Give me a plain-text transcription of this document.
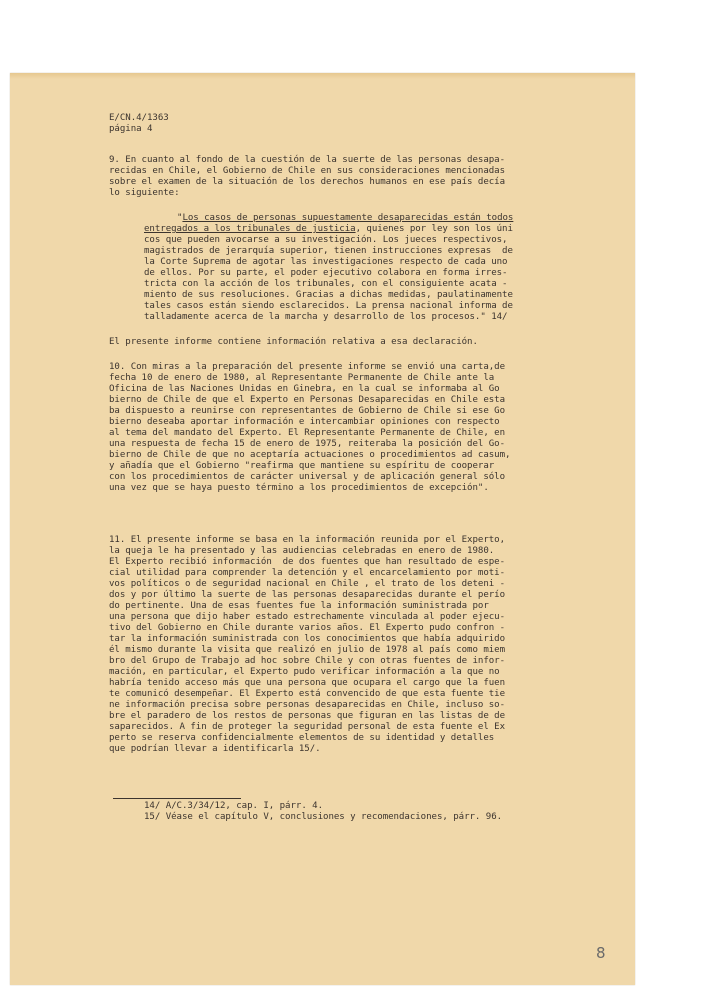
E/CN.4/1363
página 4
9. En cuanto al fondo de la cuestión de la suerte de las personas desapa-
recidas en Chile, el Gobierno de Chile en sus consideraciones mencionadas
sobre el examen de la situación de los derechos humanos en ese país decía
lo siguiente:
"Los casos de personas supuestamente desaparecidas están todos
entregados a los tribunales de justicia, quienes por ley son los úni
cos que pueden avocarse a su investigación. Los jueces respectivos,
magistrados de jerarquía superior, tienen instrucciones expresas  de
la Corte Suprema de agotar las investigaciones respecto de cada uno
de ellos. Por su parte, el poder ejecutivo colabora en forma irres-
tricta con la acción de los tribunales, con el consiguiente acata -
miento de sus resoluciones. Gracias a dichas medidas, paulatinamente
tales casos están siendo esclarecidos. La prensa nacional informa de
talladamente acerca de la marcha y desarrollo de los procesos." 14/
El presente informe contiene información relativa a esa declaración.
10. Con miras a la preparación del presente informe se envió una carta,de
fecha 10 de enero de 1980, al Representante Permanente de Chile ante la
Oficina de las Naciones Unidas en Ginebra, en la cual se informaba al Go
bierno de Chile de que el Experto en Personas Desaparecidas en Chile esta
ba dispuesto a reunirse con representantes de Gobierno de Chile si ese Go
bierno deseaba aportar información e intercambiar opiniones con respecto
al tema del mandato del Experto. El Representante Permanente de Chile, en
una respuesta de fecha 15 de enero de 1975, reiteraba la posición del Go-
bierno de Chile de que no aceptaría actuaciones o procedimientos ad casum,
y añadía que el Gobierno "reafirma que mantiene su espíritu de cooperar
con los procedimientos de carácter universal y de aplicación general sólo
una vez que se haya puesto término a los procedimientos de excepción".
11. El presente informe se basa en la información reunida por el Experto,
la queja le ha presentado y las audiencias celebradas en enero de 1980.
El Experto recibió información  de dos fuentes que han resultado de espe-
cial utilidad para comprender la detención y el encarcelamiento por moti-
vos políticos o de seguridad nacional en Chile , el trato de los deteni -
dos y por último la suerte de las personas desaparecidas durante el perío
do pertinente. Una de esas fuentes fue la información suministrada por
una persona que dijo haber estado estrechamente vinculada al poder ejecu-
tivo del Gobierno en Chile durante varios años. El Experto pudo confron -
tar la información suministrada con los conocimientos que había adquirido
él mismo durante la visita que realizó en julio de 1978 al país como miem
bro del Grupo de Trabajo ad hoc sobre Chile y con otras fuentes de infor-
mación, en particular, el Experto pudo verificar información a la que no
habría tenido acceso más que una persona que ocupara el cargo que la fuen
te comunicó desempeñar. El Experto está convencido de que esta fuente tie
ne información precisa sobre personas desaparecidas en Chile, incluso so-
bre el paradero de los restos de personas que figuran en las listas de de
saparecidos. A fin de proteger la seguridad personal de esta fuente el Ex
perto se reserva confidencialmente elementos de su identidad y detalles
que podrían llevar a identificarla 15/.
14/ A/C.3/34/12, cap. I, párr. 4.
15/ Véase el capítulo V, conclusiones y recomendaciones, párr. 96.
8
